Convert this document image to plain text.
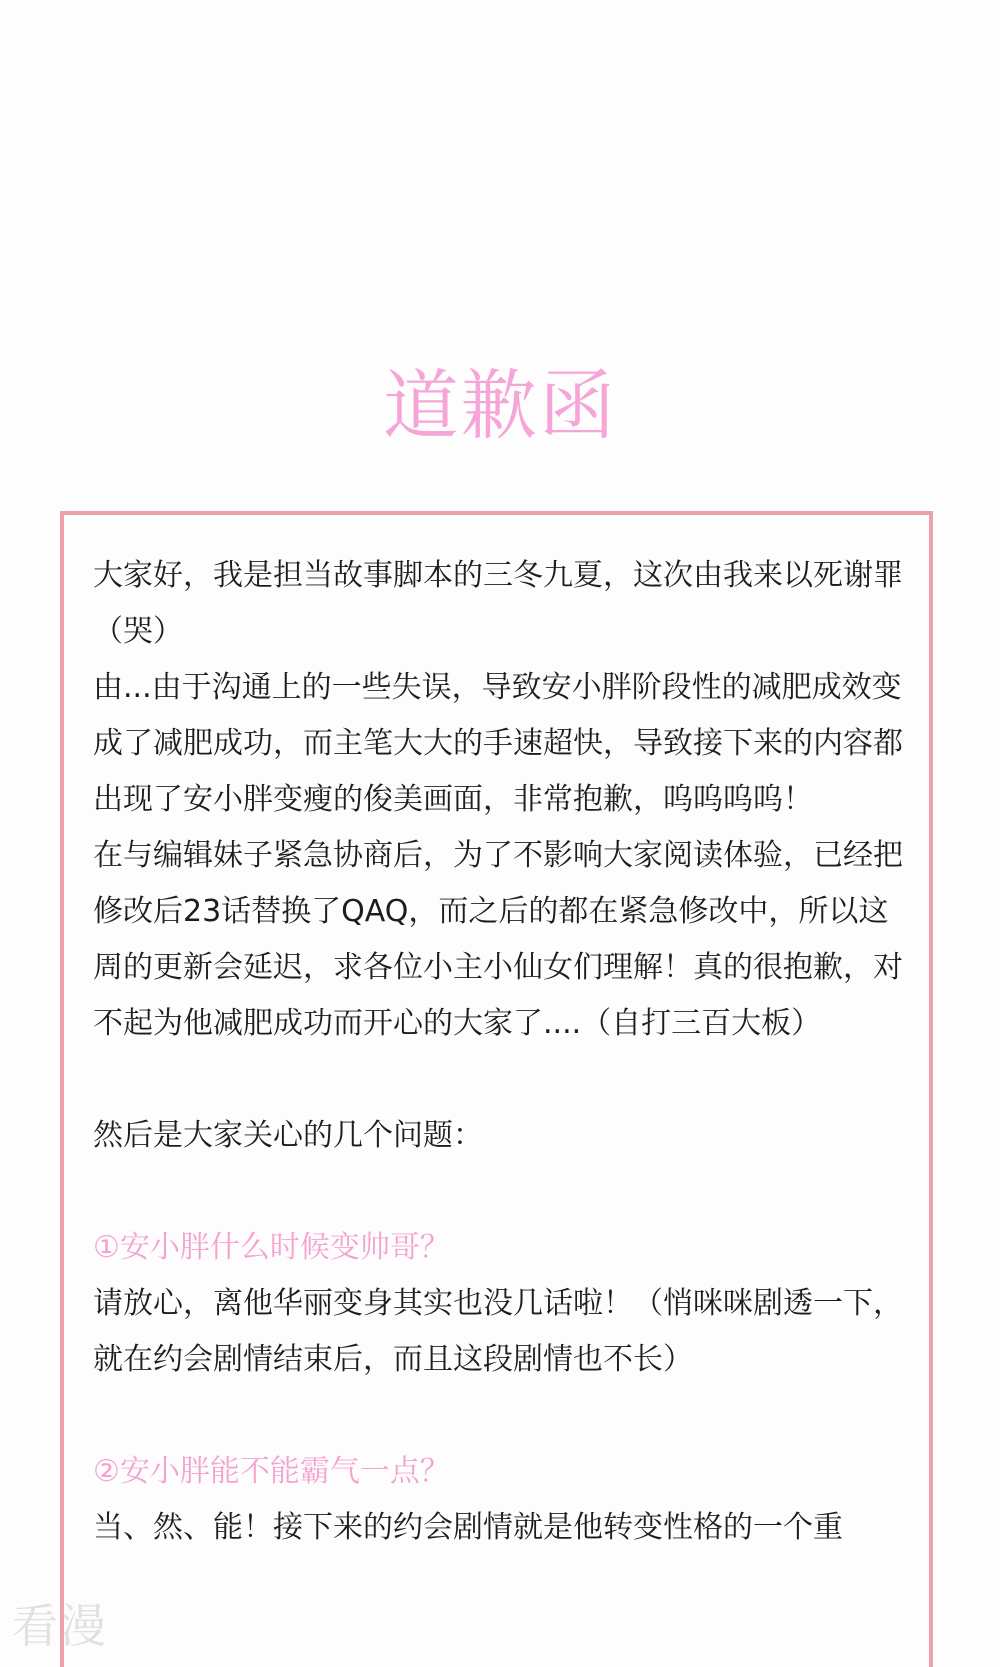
道歉函

大家好，我是担当故事脚本的三冬九夏，这次由我来以死谢罪（哭）

由...由于沟通上的一些失误，导致安小胖阶段性的减肥成效变成了减肥成功，而主笔大大的手速超快，导致接下来的内容都出现了安小胖变瘦的俊美画面，非常抱歉，呜呜呜呜！

在与编辑妹子紧急协商后，为了不影响大家阅读体验，已经把修改后23话替换了QAQ，而之后的都在紧急修改中，所以这周的更新会延迟，求各位小主小仙女们理解！真的很抱歉，对不起为他减肥成功而开心的大家了....（自打三百大板）

然后是大家关心的几个问题：

①安小胖什么时候变帅哥？

请放心，离他华丽变身其实也没几话啦！（悄咪咪剧透一下，就在约会剧情结束后，而且这段剧情也不长）

②安小胖能不能霸气一点？

当、然、能！接下来的约会剧情就是他转变性格的一个重

看漫
